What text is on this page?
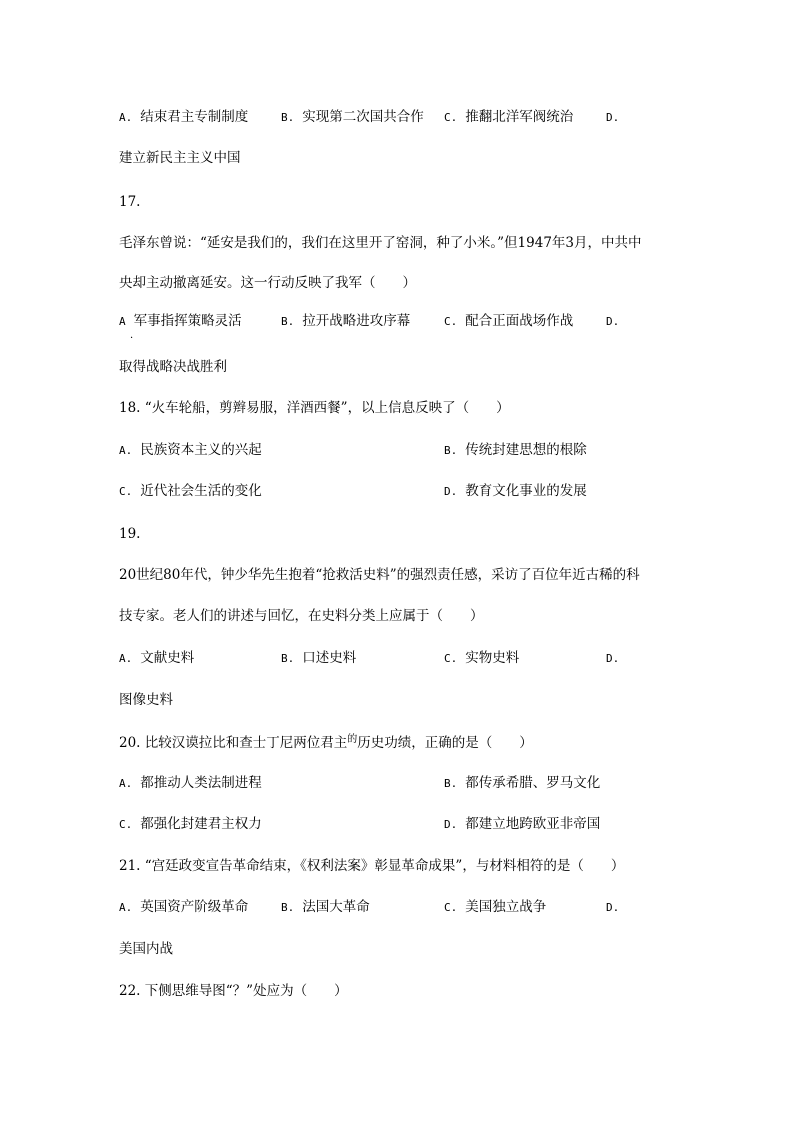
A. 结束君主专制制度	B. 实现第二次国共合作 C. 推翻北洋军阀统治	D.
建立新民主主义中国
17.
毛泽东曾说：“延安是我们的，我们在这里开了窑洞，种了小米。”但1947年3月，中共中
央却主动撤离延安。这一行动反映了我军（　　）
A 军事指挥策略灵活	B. 拉开战略进攻序幕	C. 配合正面战场作战	D.
·
取得战略决战胜利
18. “火车轮船，剪辫易服，洋酒西餐”，以上信息反映了（　　）
A. 民族资本主义的兴起	B. 传统封建思想的根除
C. 近代社会生活的变化	D. 教育文化事业的发展
19.
20世纪80年代，钟少华先生抱着“抢救活史料”的强烈责任感，采访了百位年近古稀的科
技专家。老人们的讲述与回忆，在史料分类上应属于（　　）
A. 文献史料	B. 口述史料	C. 实物史料	D.
图像史料
20. 比较汉谟拉比和查士丁尼两位君主$^的$历史功绩，正确的是（　　）
A. 都推动人类法制进程	B. 都传承希腊、罗马文化
C. 都强化封建君主权力	D. 都建立地跨欧亚非帝国
21. “宫廷政变宣告革命结束，《权利法案》彰显革命成果”，与材料相符的是（　　）
A. 英国资产阶级革命	B. 法国大革命	C. 美国独立战争	D.
美国内战
22. 下侧思维导图“？”处应为（　　）
